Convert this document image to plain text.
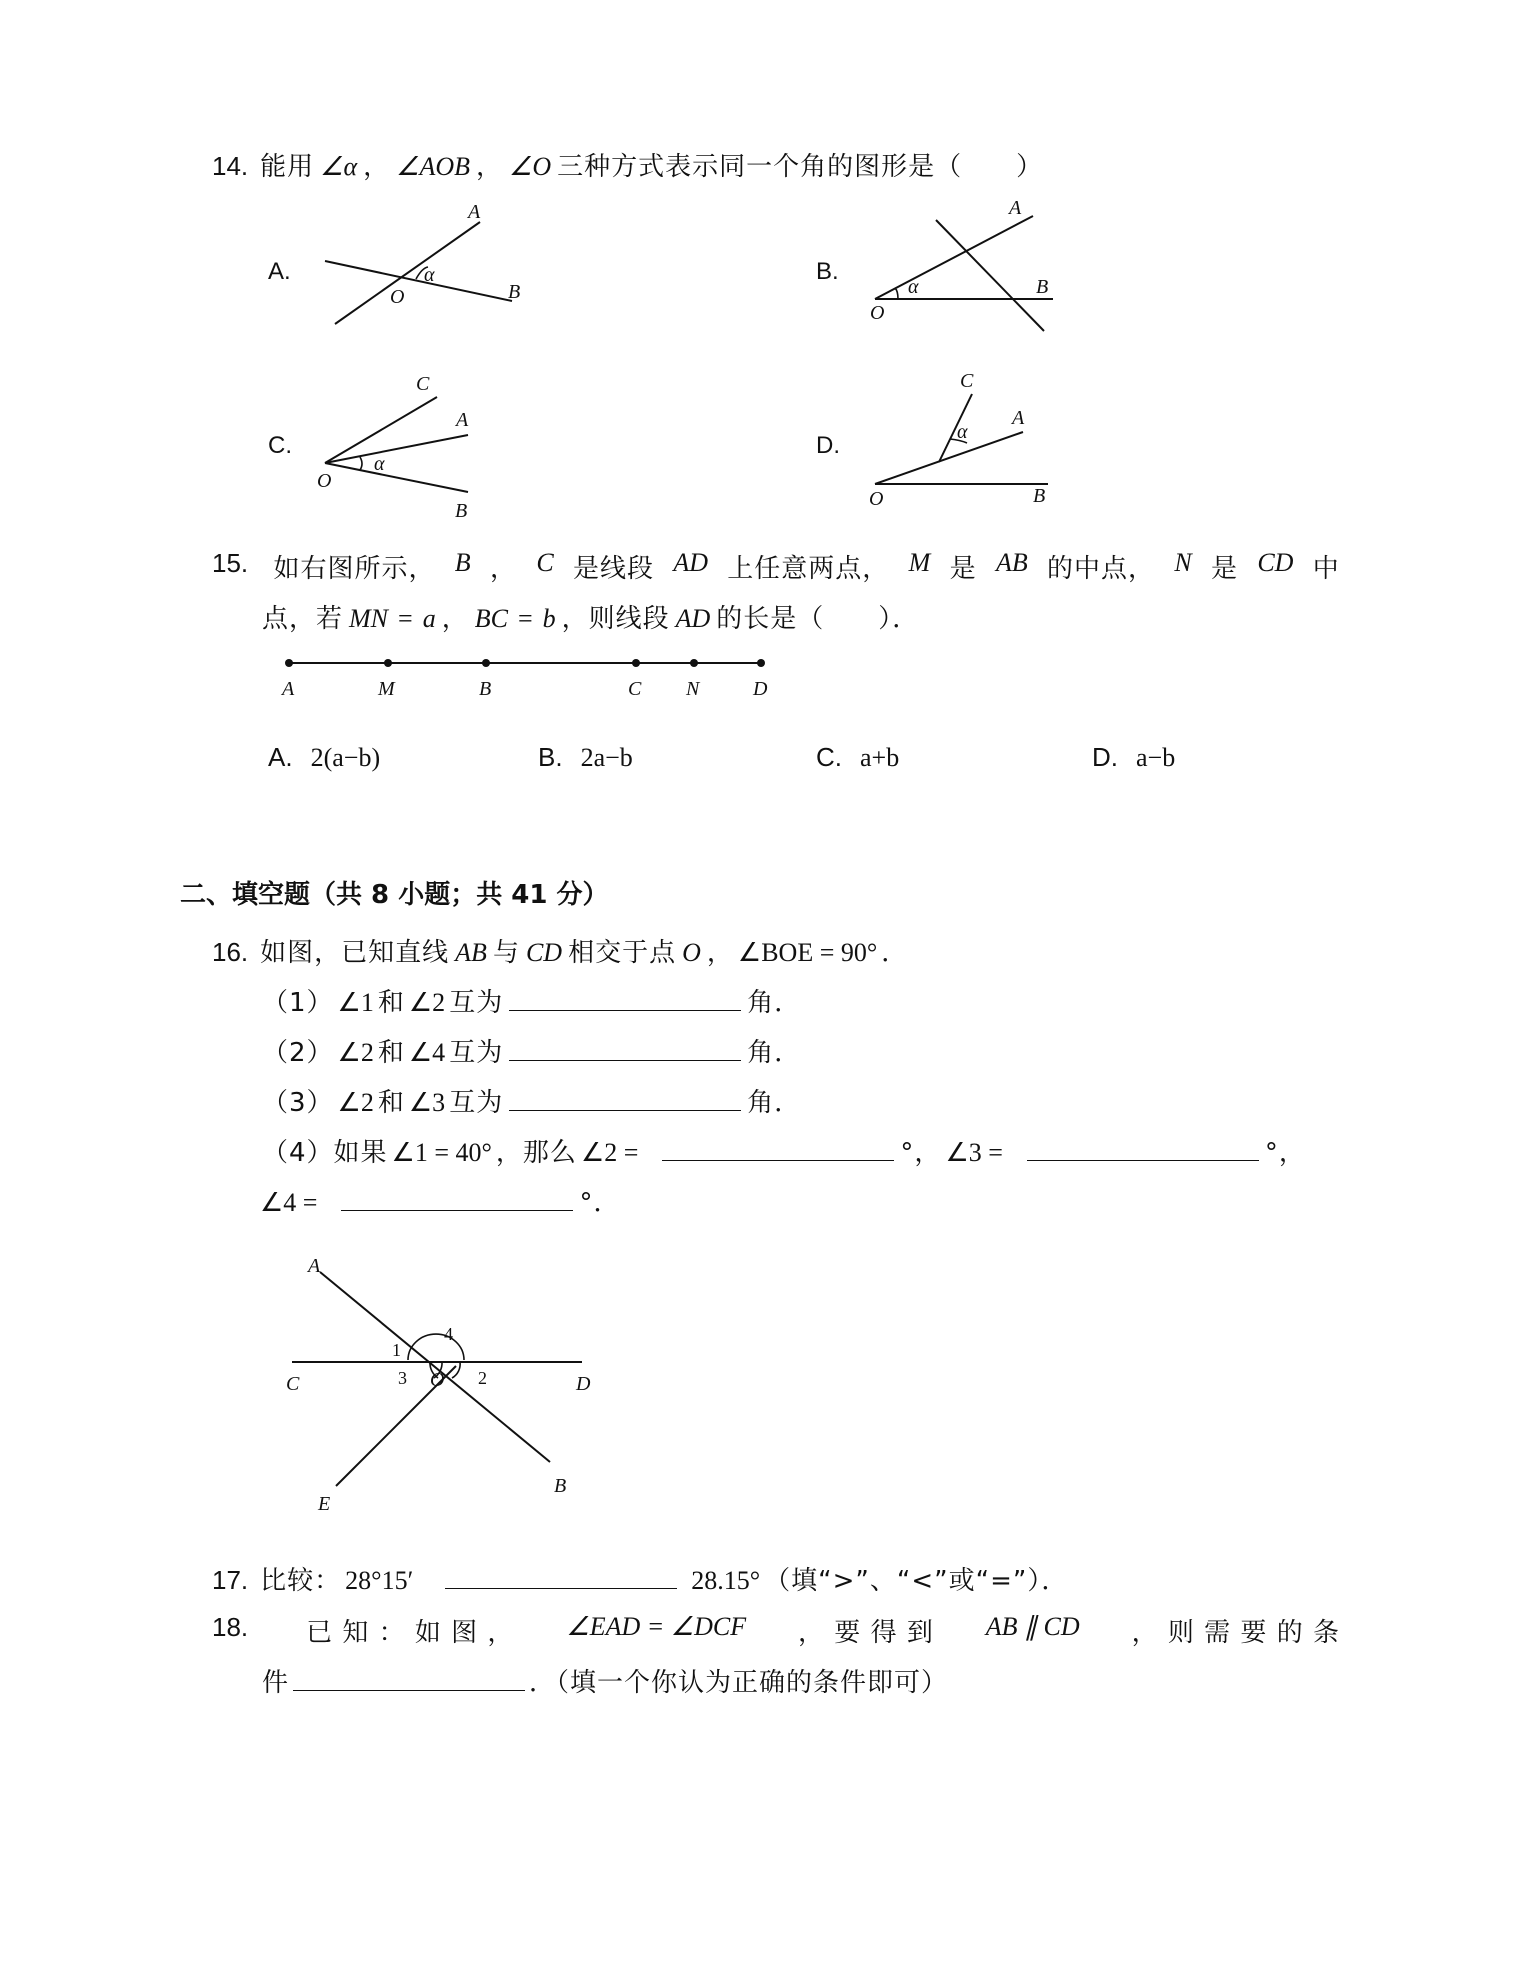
14. 能用 ∠α ， ∠AOB ， ∠O 三种方式表示同一个角的图形是（　　）
A.
A
O
α
B
B.
A
O
α	B
C.
C
A
O
α
B
D.
C
A
α
O	B
15. 如右图所示， B ， C 是线段 AD 上任意两点， M 是 AB 的中点， N 是 CD 中
点，若 MN = a ， BC = b ，则线段 AD 的长是（　　）．
A	M	B	C N	D
A. 2(a−b)	B. 2a−b	C. a+b	D. a−b
二、填空题（共 8 小题；共 41 分）
16. 如图，已知直线 AB 与 CD 相交于点 O ， ∠BOE = 90° ．
（1） ∠1 和 ∠2 互为	角．
（2） ∠2 和 ∠4 互为	角．
（3） ∠2 和 ∠3 互为	角．
（4）如果 ∠1 = 40° ，那么 ∠2 =	°， ∠3 =	°，
∠4 =	°．
A
C
1
4
3 O 2	D
E
B
17. 比较： 28°15′	28.15° （填“>”、“<”或“=”）．
18. 已 知 ： 如 图 ， ∠EAD = ∠DCF ， 要 得 到 AB ∥ CD ， 则 需 要 的 条
件	．（填一个你认为正确的条件即可）
